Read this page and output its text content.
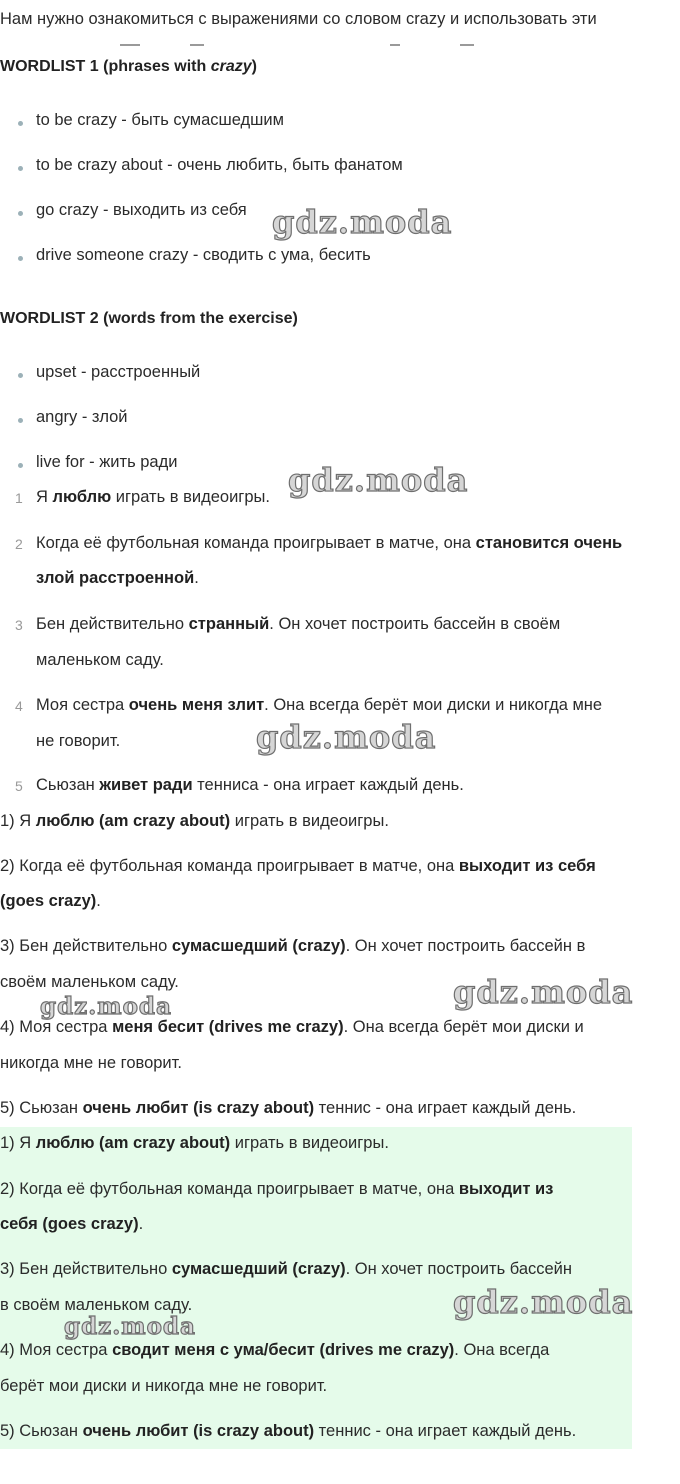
Нам нужно ознакомиться с выражениями со словом crazy и использовать эти
WORDLIST 1 (phrases with crazy)
to be crazy - быть сумасшедшим
to be crazy about - очень любить, быть фанатом
go crazy - выходить из себя
drive someone crazy - сводить с ума, бесить
WORDLIST 2 (words from the exercise)
upset - расстроенный
angry - злой
live for - жить ради
1 Я люблю играть в видеоигры.
2 Когда её футбольная команда проигрывает в матче, она становится очень
злой расстроенной.
3 Бен действительно странный. Он хочет построить бассейн в своём
маленьком саду.
4 Моя сестра очень меня злит. Она всегда берёт мои диски и никогда мне
не говорит.
5 Сьюзан живет ради тенниса - она играет каждый день.
1) Я люблю (am crazy about) играть в видеоигры.
2) Когда её футбольная команда проигрывает в матче, она выходит из себя
(goes crazy).
3) Бен действительно сумасшедший (crazy). Он хочет построить бассейн в
своём маленьком саду.
4) Моя сестра меня бесит (drives me crazy). Она всегда берёт мои диски и
никогда мне не говорит.
5) Сьюзан очень любит (is crazy about) теннис - она играет каждый день.
1) Я люблю (am crazy about) играть в видеоигры.
2) Когда её футбольная команда проигрывает в матче, она выходит из
себя (goes crazy).
3) Бен действительно сумасшедший (crazy). Он хочет построить бассейн
в своём маленьком саду.
4) Моя сестра сводит меня с ума/бесит (drives me crazy). Она всегда
берёт мои диски и никогда мне не говорит.
5) Сьюзан очень любит (is crazy about) теннис - она играет каждый день.
gdz.moda
gdz.moda
gdz.moda
gdz.moda
gdz.moda
gdz.moda
gdz.moda
